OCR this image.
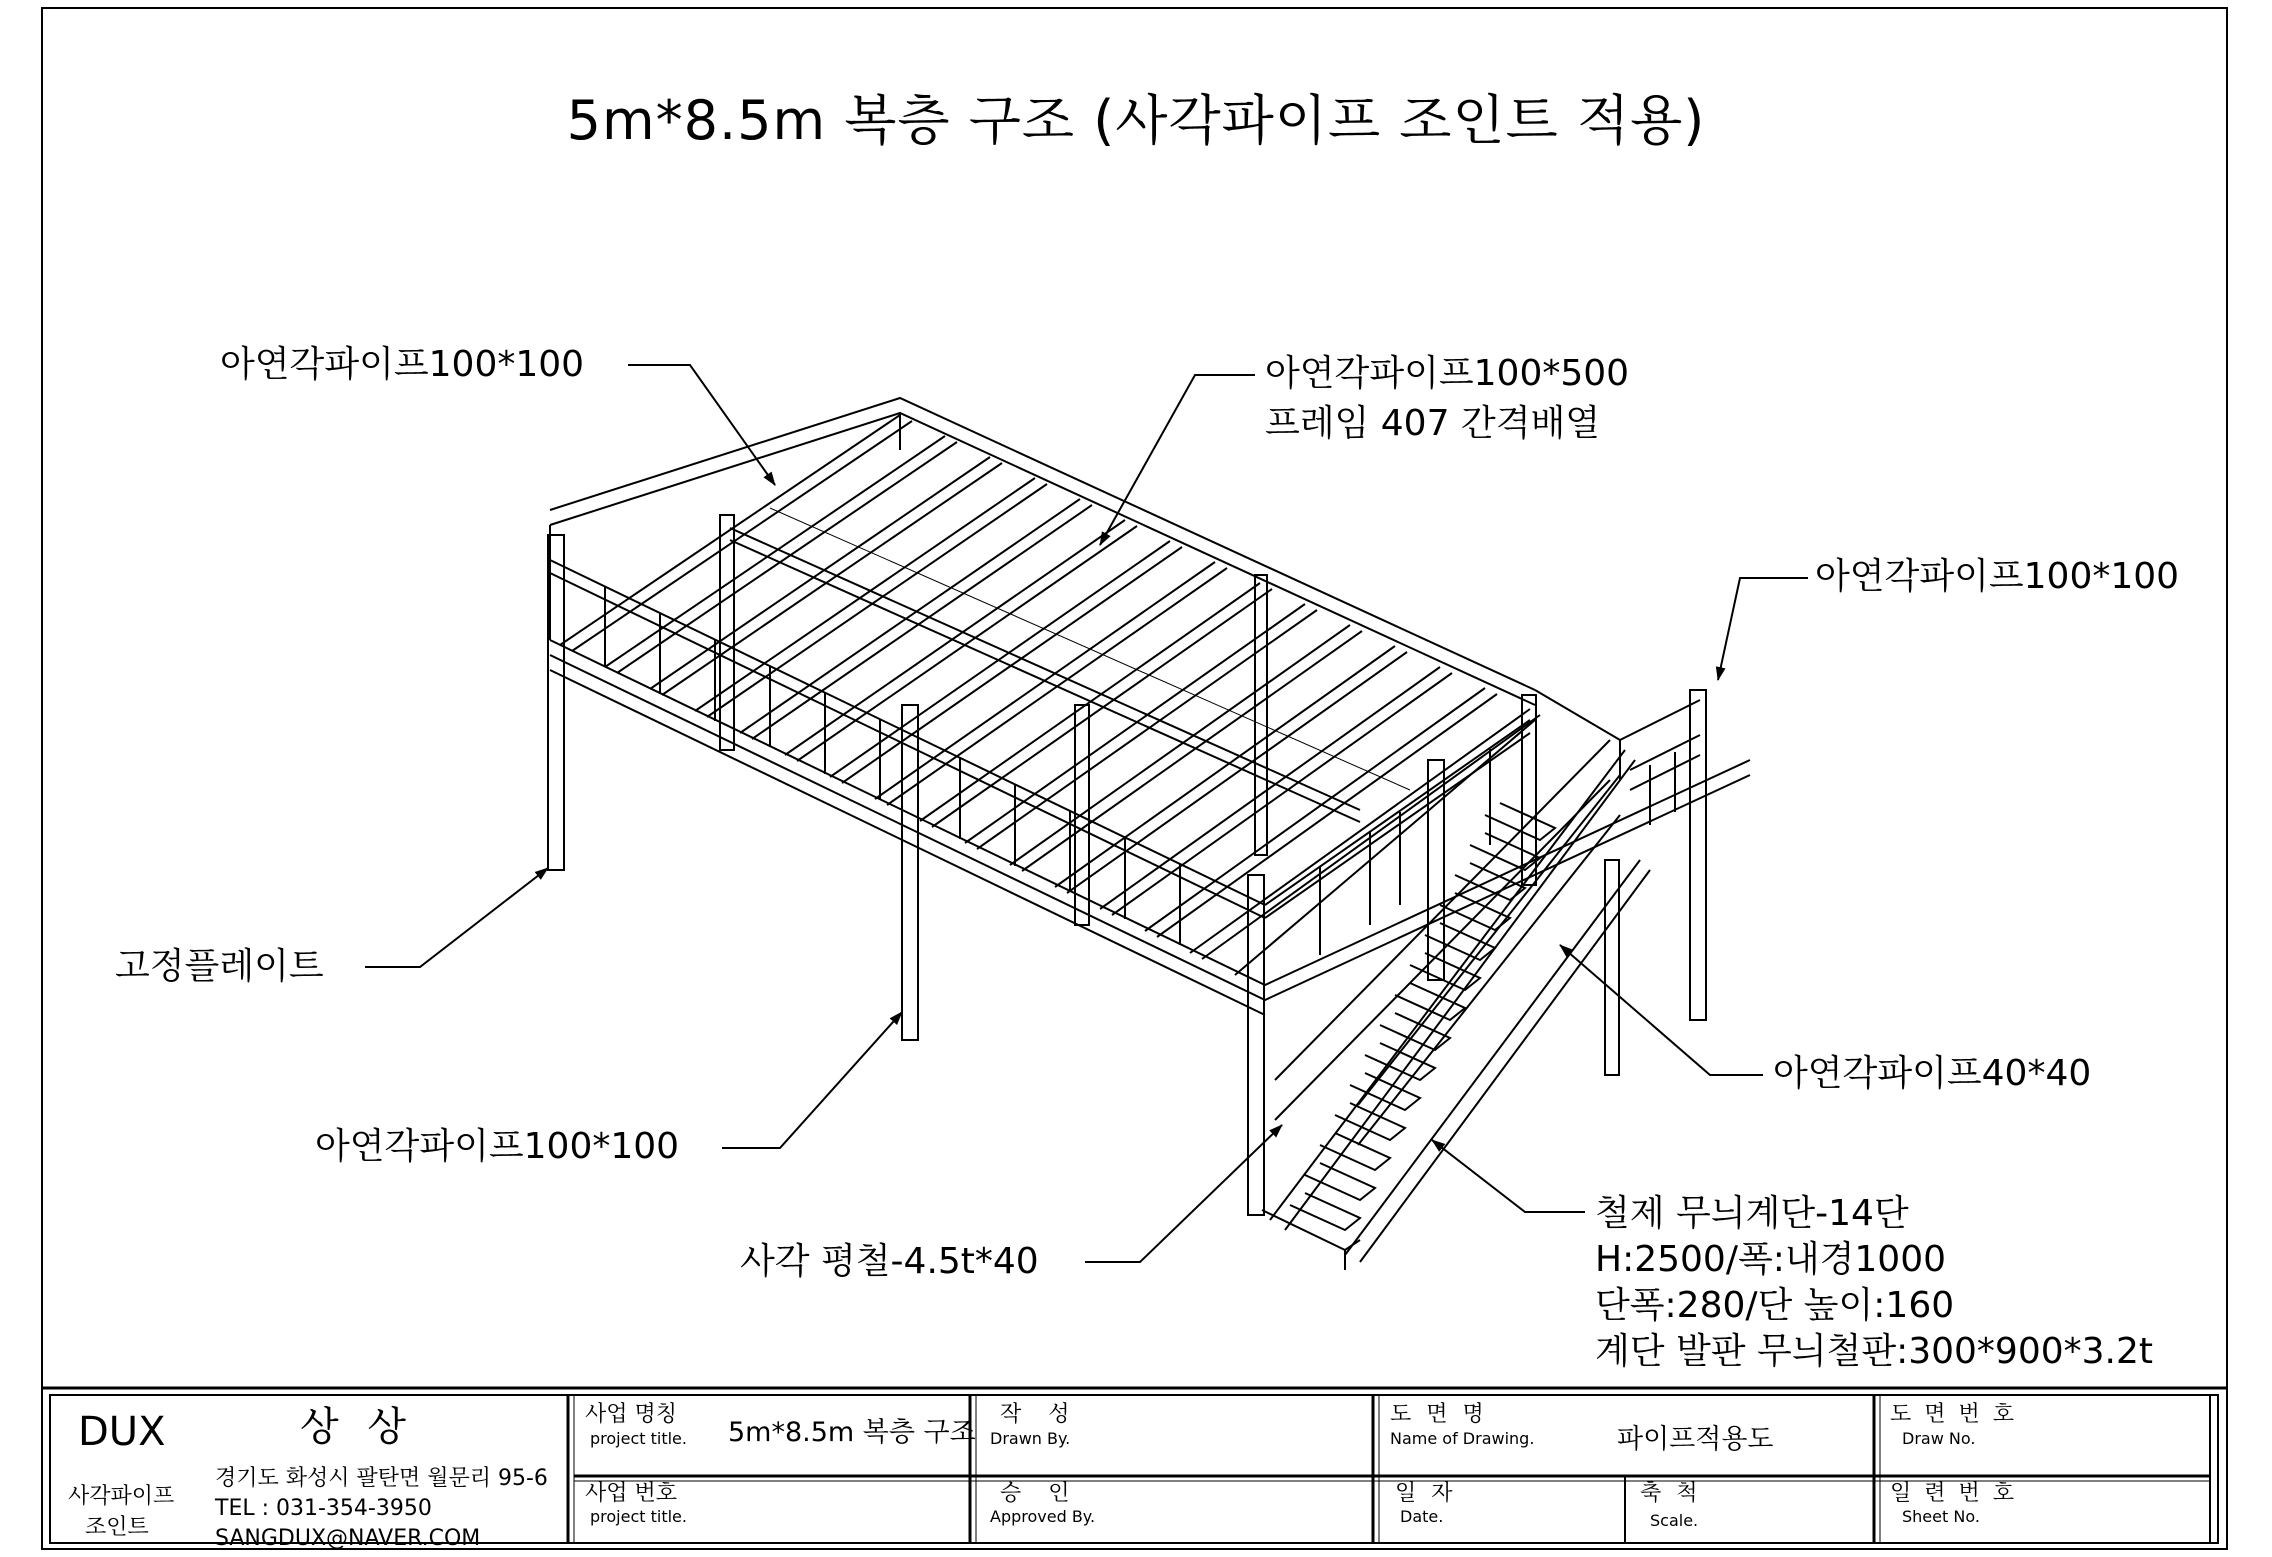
5m*8.5m 복층 구조 (사각파이프 조인트 적용)
아연각파이프100*100	아연각파이프100*500
프레임 407 간격배열
아연각파이프100*100
고정플레이트
아연각파이프100*100
아연각파이프40*40
사각 평철-4.5t*40
철제 무늬계단-14단
H:2500/폭:내경1000
단폭:280/단 높이:160
계단 발판 무늬철판:300*900*3.2t
DUX	상 상
사각파이프
조인트
경기도 화성시 팔탄면 월문리 95-6
TEL : 031-354-3950
SANGDUX@NAVER.COM
사업 명칭
project title. 5m*8.5m 복층 구조
사업 번호
project title.
작 성
Drawn By.
승 인
Approved By.
도 면 명
Name of Drawing.	파이프적용도
일 자
Date.
축 척
Scale.
도 면 번 호
Draw No.
일 련 번 호
Sheet No.
